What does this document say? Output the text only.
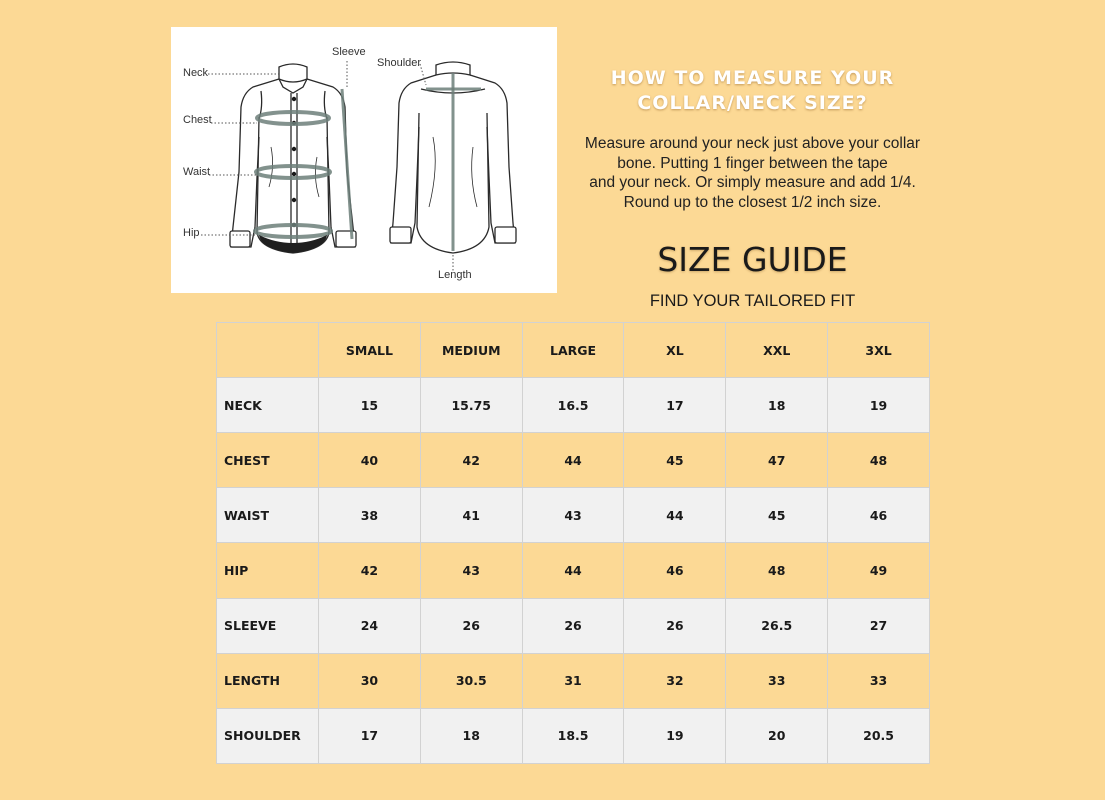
Neck
Sleeve
Chest
Waist
Hip
Shoulder
Length
HOW TO MEASURE YOUR
COLLAR/NECK SIZE?

Measure around your neck just above your collar
bone. Putting 1 finger between the tape
and your neck. Or simply measure and add 1/4.
Round up to the closest 1/2 inch size.

SIZE GUIDE

FIND YOUR TAILORED FIT

	SMALL	MEDIUM	LARGE	XL	XXL	3XL
NECK	15	15.75	16.5	17	18	19
CHEST	40	42	44	45	47	48
WAIST	38	41	43	44	45	46
HIP	42	43	44	46	48	49
SLEEVE	24	26	26	26	26.5	27
LENGTH	30	30.5	31	32	33	33
SHOULDER	17	18	18.5	19	20	20.5
